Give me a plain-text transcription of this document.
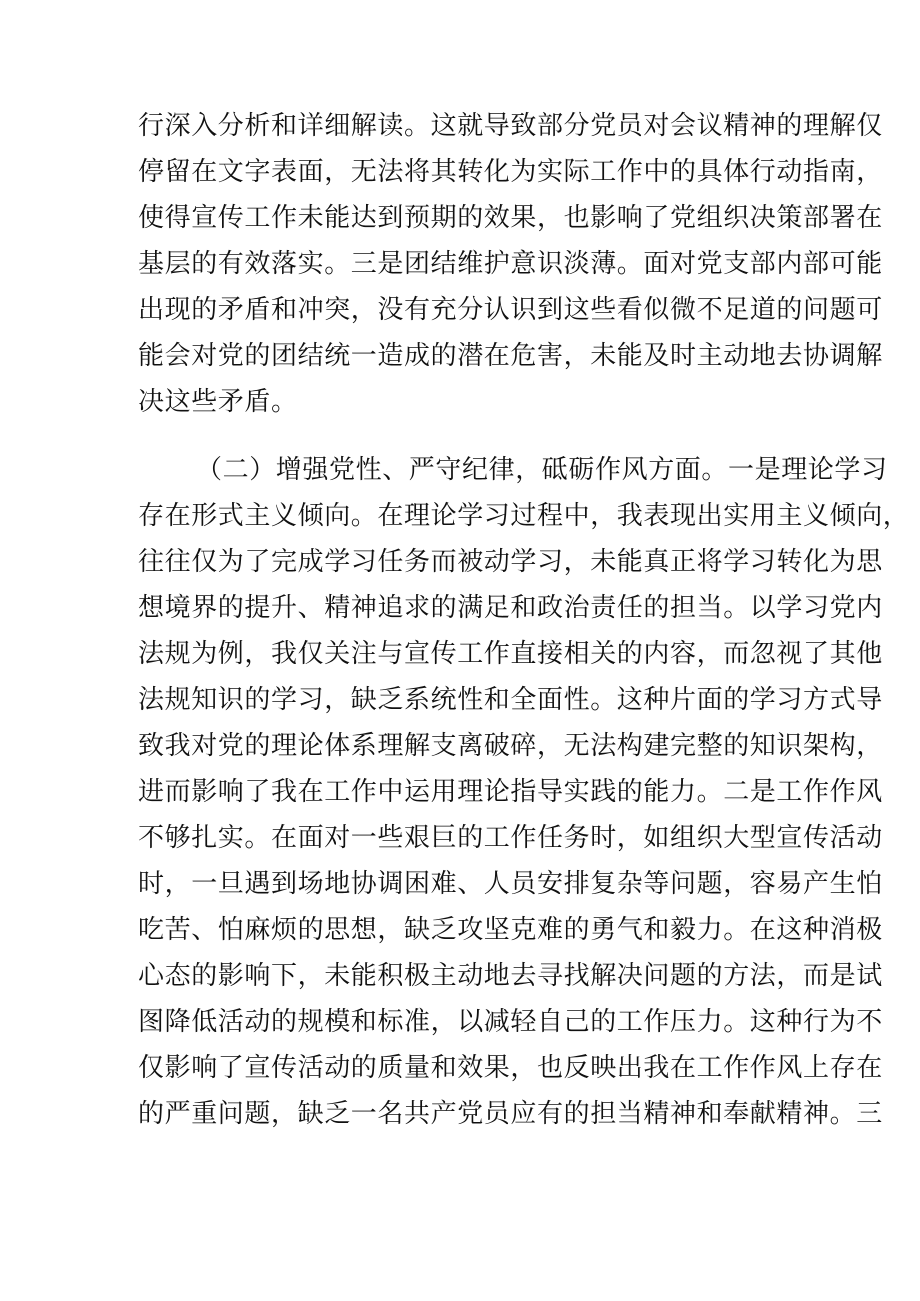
行深入分析和详细解读。这就导致部分党员对会议精神的理解仅
停留在文字表面，无法将其转化为实际工作中的具体行动指南，
使得宣传工作未能达到预期的效果，也影响了党组织决策部署在
基层的有效落实。三是团结维护意识淡薄。面对党支部内部可能
出现的矛盾和冲突，没有充分认识到这些看似微不足道的问题可
能会对党的团结统一造成的潜在危害，未能及时主动地去协调解
决这些矛盾。
（二）增强党性、严守纪律，砥砺作风方面。一是理论学习
存在形式主义倾向。在理论学习过程中，我表现出实用主义倾向，
往往仅为了完成学习任务而被动学习，未能真正将学习转化为思
想境界的提升、精神追求的满足和政治责任的担当。以学习党内
法规为例，我仅关注与宣传工作直接相关的内容，而忽视了其他
法规知识的学习，缺乏系统性和全面性。这种片面的学习方式导
致我对党的理论体系理解支离破碎，无法构建完整的知识架构，
进而影响了我在工作中运用理论指导实践的能力。二是工作作风
不够扎实。在面对一些艰巨的工作任务时，如组织大型宣传活动
时，一旦遇到场地协调困难、人员安排复杂等问题，容易产生怕
吃苦、怕麻烦的思想，缺乏攻坚克难的勇气和毅力。在这种消极
心态的影响下，未能积极主动地去寻找解决问题的方法，而是试
图降低活动的规模和标准，以减轻自己的工作压力。这种行为不
仅影响了宣传活动的质量和效果，也反映出我在工作作风上存在
的严重问题，缺乏一名共产党员应有的担当精神和奉献精神。三
